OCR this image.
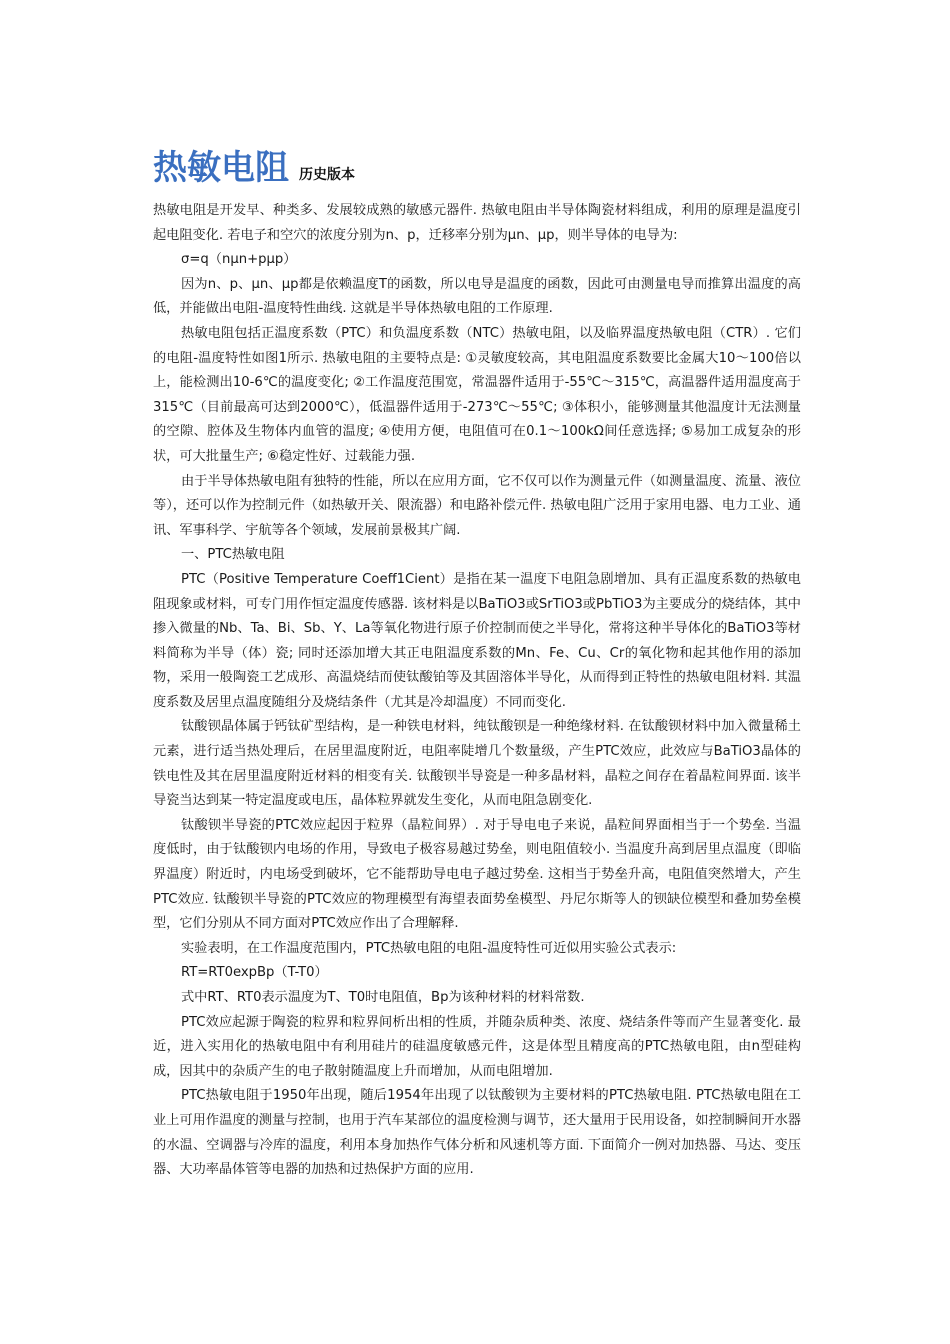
热敏电阻 历史版本

热敏电阻是开发早、种类多、发展较成熟的敏感元器件. 热敏电阻由半导体陶瓷材料组成，利用的原理是温度引起电阻变化. 若电子和空穴的浓度分别为n、p，迁移率分别为μn、μp，则半导体的电导为:

σ=q（nμn+pμp）

因为n、p、μn、μp都是依赖温度T的函数，所以电导是温度的函数，因此可由测量电导而推算出温度的高低，并能做出电阻-温度特性曲线. 这就是半导体热敏电阻的工作原理.

热敏电阻包括正温度系数（PTC）和负温度系数（NTC）热敏电阻，以及临界温度热敏电阻（CTR）. 它们的电阻-温度特性如图1所示. 热敏电阻的主要特点是: ①灵敏度较高，其电阻温度系数要比金属大10～100倍以上，能检测出10-6℃的温度变化; ②工作温度范围宽，常温器件适用于-55℃～315℃，高温器件适用温度高于315℃（目前最高可达到2000℃），低温器件适用于-273℃～55℃; ③体积小，能够测量其他温度计无法测量的空隙、腔体及生物体内血管的温度; ④使用方便，电阻值可在0.1～100kΩ间任意选择; ⑤易加工成复杂的形状，可大批量生产; ⑥稳定性好、过载能力强.

由于半导体热敏电阻有独特的性能，所以在应用方面，它不仅可以作为测量元件（如测量温度、流量、液位等），还可以作为控制元件（如热敏开关、限流器）和电路补偿元件. 热敏电阻广泛用于家用电器、电力工业、通讯、军事科学、宇航等各个领域，发展前景极其广阔.

一、PTC热敏电阻

PTC（Positive Temperature Coeff1Cient）是指在某一温度下电阻急剧增加、具有正温度系数的热敏电阻现象或材料，可专门用作恒定温度传感器. 该材料是以BaTiO3或SrTiO3或PbTiO3为主要成分的烧结体，其中掺入微量的Nb、Ta、Bi、Sb、Y、La等氧化物进行原子价控制而使之半导化，常将这种半导体化的BaTiO3等材料简称为半导（体）瓷; 同时还添加增大其正电阻温度系数的Mn、Fe、Cu、Cr的氧化物和起其他作用的添加物，采用一般陶瓷工艺成形、高温烧结而使钛酸铂等及其固溶体半导化，从而得到正特性的热敏电阻材料. 其温度系数及居里点温度随组分及烧结条件（尤其是冷却温度）不同而变化.

钛酸钡晶体属于钙钛矿型结构，是一种铁电材料，纯钛酸钡是一种绝缘材料. 在钛酸钡材料中加入微量稀土元素，进行适当热处理后，在居里温度附近，电阻率陡增几个数量级，产生PTC效应，此效应与BaTiO3晶体的铁电性及其在居里温度附近材料的相变有关. 钛酸钡半导瓷是一种多晶材料，晶粒之间存在着晶粒间界面. 该半导瓷当达到某一特定温度或电压，晶体粒界就发生变化，从而电阻急剧变化.

钛酸钡半导瓷的PTC效应起因于粒界（晶粒间界）. 对于导电电子来说，晶粒间界面相当于一个势垒. 当温度低时，由于钛酸钡内电场的作用，导致电子极容易越过势垒，则电阻值较小. 当温度升高到居里点温度（即临界温度）附近时，内电场受到破坏，它不能帮助导电电子越过势垒. 这相当于势垒升高，电阻值突然增大，产生PTC效应. 钛酸钡半导瓷的PTC效应的物理模型有海望表面势垒模型、丹尼尔斯等人的钡缺位模型和叠加势垒模型，它们分别从不同方面对PTC效应作出了合理解释.

实验表明，在工作温度范围内，PTC热敏电阻的电阻-温度特性可近似用实验公式表示:

RT=RT0expBp（T-T0）

式中RT、RT0表示温度为T、T0时电阻值，Bp为该种材料的材料常数.

PTC效应起源于陶瓷的粒界和粒界间析出相的性质，并随杂质种类、浓度、烧结条件等而产生显著变化. 最近，进入实用化的热敏电阻中有利用硅片的硅温度敏感元件，这是体型且精度高的PTC热敏电阻，由n型硅构成，因其中的杂质产生的电子散射随温度上升而增加，从而电阻增加.

PTC热敏电阻于1950年出现，随后1954年出现了以钛酸钡为主要材料的PTC热敏电阻. PTC热敏电阻在工业上可用作温度的测量与控制，也用于汽车某部位的温度检测与调节，还大量用于民用设备，如控制瞬间开水器的水温、空调器与冷库的温度，利用本身加热作气体分析和风速机等方面. 下面简介一例对加热器、马达、变压器、大功率晶体管等电器的加热和过热保护方面的应用.
